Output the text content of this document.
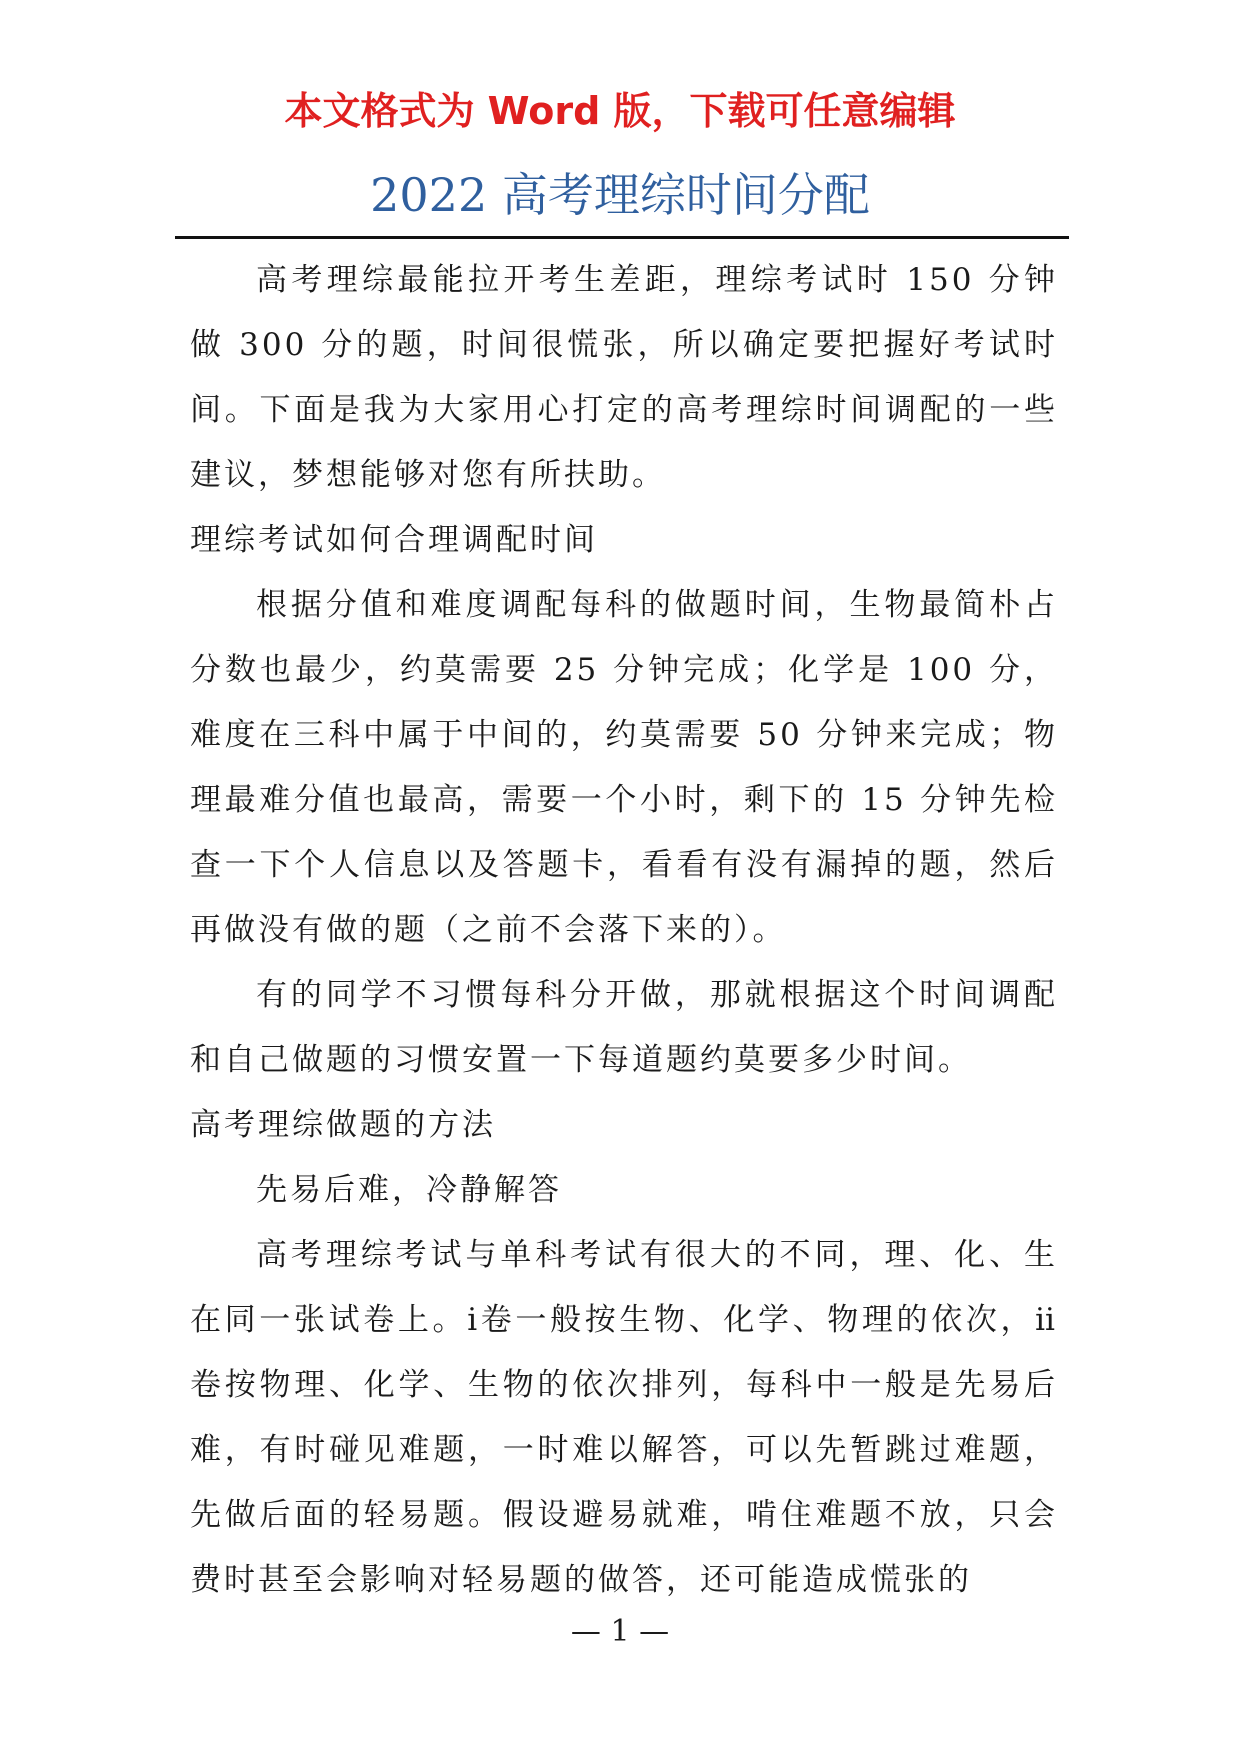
本文格式为 Word 版，下载可任意编辑
2022 高考理综时间分配

高考理综最能拉开考生差距，理综考试时 150 分钟做 300 分的题，时间很慌张，所以确定要把握好考试时间。下面是我为大家用心打定的高考理综时间调配的一些建议，梦想能够对您有所扶助。

理综考试如何合理调配时间

根据分值和难度调配每科的做题时间，生物最简朴占分数也最少，约莫需要 25 分钟完成；化学是 100 分，难度在三科中属于中间的，约莫需要 50 分钟来完成；物理最难分值也最高，需要一个小时，剩下的 15 分钟先检查一下个人信息以及答题卡，看看有没有漏掉的题，然后再做没有做的题（之前不会落下来的）。

有的同学不习惯每科分开做，那就根据这个时间调配和自己做题的习惯安置一下每道题约莫要多少时间。

高考理综做题的方法

先易后难，冷静解答

高考理综考试与单科考试有很大的不同，理、化、生在同一张试卷上。ⅰ卷一般按生物、化学、物理的依次，ⅱ卷按物理、化学、生物的依次排列，每科中一般是先易后难，有时碰见难题，一时难以解答，可以先暂跳过难题，先做后面的轻易题。假设避易就难，啃住难题不放，只会费时甚至会影响对轻易题的做答，还可能造成慌张的

— 1 —
